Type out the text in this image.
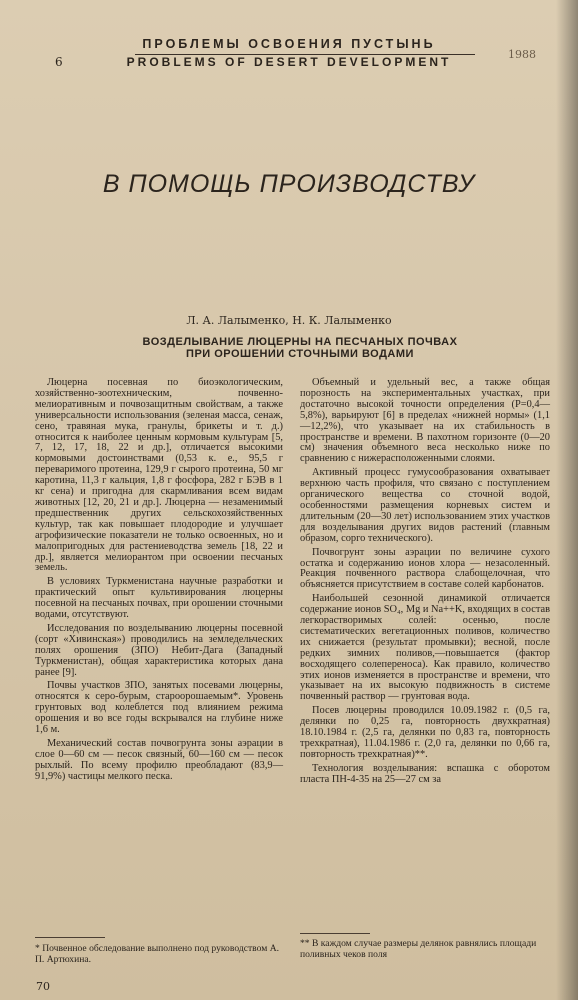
ПРОБЛЕМЫ ОСВОЕНИЯ ПУСТЫНЬ
6	PROBLEMS OF DESERT DEVELOPMENT
1988
В ПОМОЩЬ ПРОИЗВОДСТВУ
Л. А. Лалыменко, Н. К. Лалыменко
ВОЗДЕЛЫВАНИЕ ЛЮЦЕРНЫ НА ПЕСЧАНЫХ ПОЧВАХ
ПРИ ОРОШЕНИИ СТОЧНЫМИ ВОДАМИ

Люцерна посевная по биоэкологическим, хозяйственно-зоотехническим, почвенно-мелиоративным и почвозащитным свойствам, а также универсальности использования (зеленая масса, сенаж, сено, травяная мука, гранулы, брикеты и т. д.) относится к наиболее ценным кормовым культурам [5, 7, 12, 17, 18, 22 и др.], отличается высокими кормовыми достоинствами (0,53 к. е., 95,5 г переваримого протеина, 129,9 г сырого протеина, 50 мг каротина, 11,3 г кальция, 1,8 г фосфора, 282 г БЭВ в 1 кг сена) и пригодна для скармливания всем видам животных [12, 20, 21 и др.]. Люцерна — незаменимый предшественник других сельскохозяйственных культур, так как повышает плодородие и улучшает агрофизические показатели не только освоенных, но и малопригодных для растениеводства земель [18, 22 и др.], является мелиорантом при освоении песчаных земель.

В условиях Туркменистана научные разработки и практический опыт культивирования люцерны посевной на песчаных почвах, при орошении сточными водами, отсутствуют.

Исследования по возделыванию люцерны посевной (сорт «Хивинская») проводились на земледельческих полях орошения (ЗПО) Небит-Дага (Западный Туркменистан), общая характеристика которых дана ранее [9].

Почвы участков ЗПО, занятых посевами люцерны, относятся к серо-бурым, староорошаемым*. Уровень грунтовых вод колеблется под влиянием режима орошения и во все годы вскрывался на глубине ниже 1,6 м.

Механический состав почвогрунта зоны аэрации в слое 0—60 см — песок связный, 60—160 см — песок рыхлый. По всему профилю преобладают (83,9—91,9%) частицы мелкого песка.

Объемный и удельный вес, а также общая порозность на экспериментальных участках, при достаточно высокой точности определения (Р=0,4—5,8%), варьируют [6] в пределах «нижней нормы» (1,1—12,2%), что указывает на их стабильность в пространстве и времени. В пахотном горизонте (0—20 см) значения объемного веса несколько ниже по сравнению с нижерасположенными слоями.

Активный процесс гумусообразования охватывает верхнюю часть профиля, что связано с поступлением органического вещества со сточной водой, особенностями размещения корневых систем и длительным (20—30 лет) использованием этих участков для возделывания других видов растений (главным образом, сорго технического).

Почвогрунт зоны аэрации по величине сухого остатка и содержанию ионов хлора — незасоленный. Реакция почвенного раствора слабощелочная, что объясняется присутствием в составе солей карбонатов.

Наибольшей сезонной динамикой отличается содержание ионов SO₄, Mg и Na++K, входящих в состав легкорастворимых солей: осенью, после систематических вегетационных поливов, количество их снижается (результат промывки); весной, после редких зимних поливов,—повышается (фактор восходящего солепереноса). Как правило, количество этих ионов изменяется в пространстве и времени, что указывает на их высокую подвижность в системе почвенный раствор — грунтовая вода.

Посев люцерны проводился 10.09.1982 г. (0,5 га, делянки по 0,25 га, повторность двухкратная) 18.10.1984 г. (2,5 га, делянки по 0,83 га, повторность трехкратная), 11.04.1986 г. (2,0 га, делянки по 0,66 га, повторность трехкратная)**.

Технология возделывания: вспашка с оборотом пласта ПН-4-35 на 25—27 см за

* Почвенное обследование выполнено под руководством А. П. Артюхина.
** В каждом случае размеры делянок равнялись площади поливных чеков поля
70
